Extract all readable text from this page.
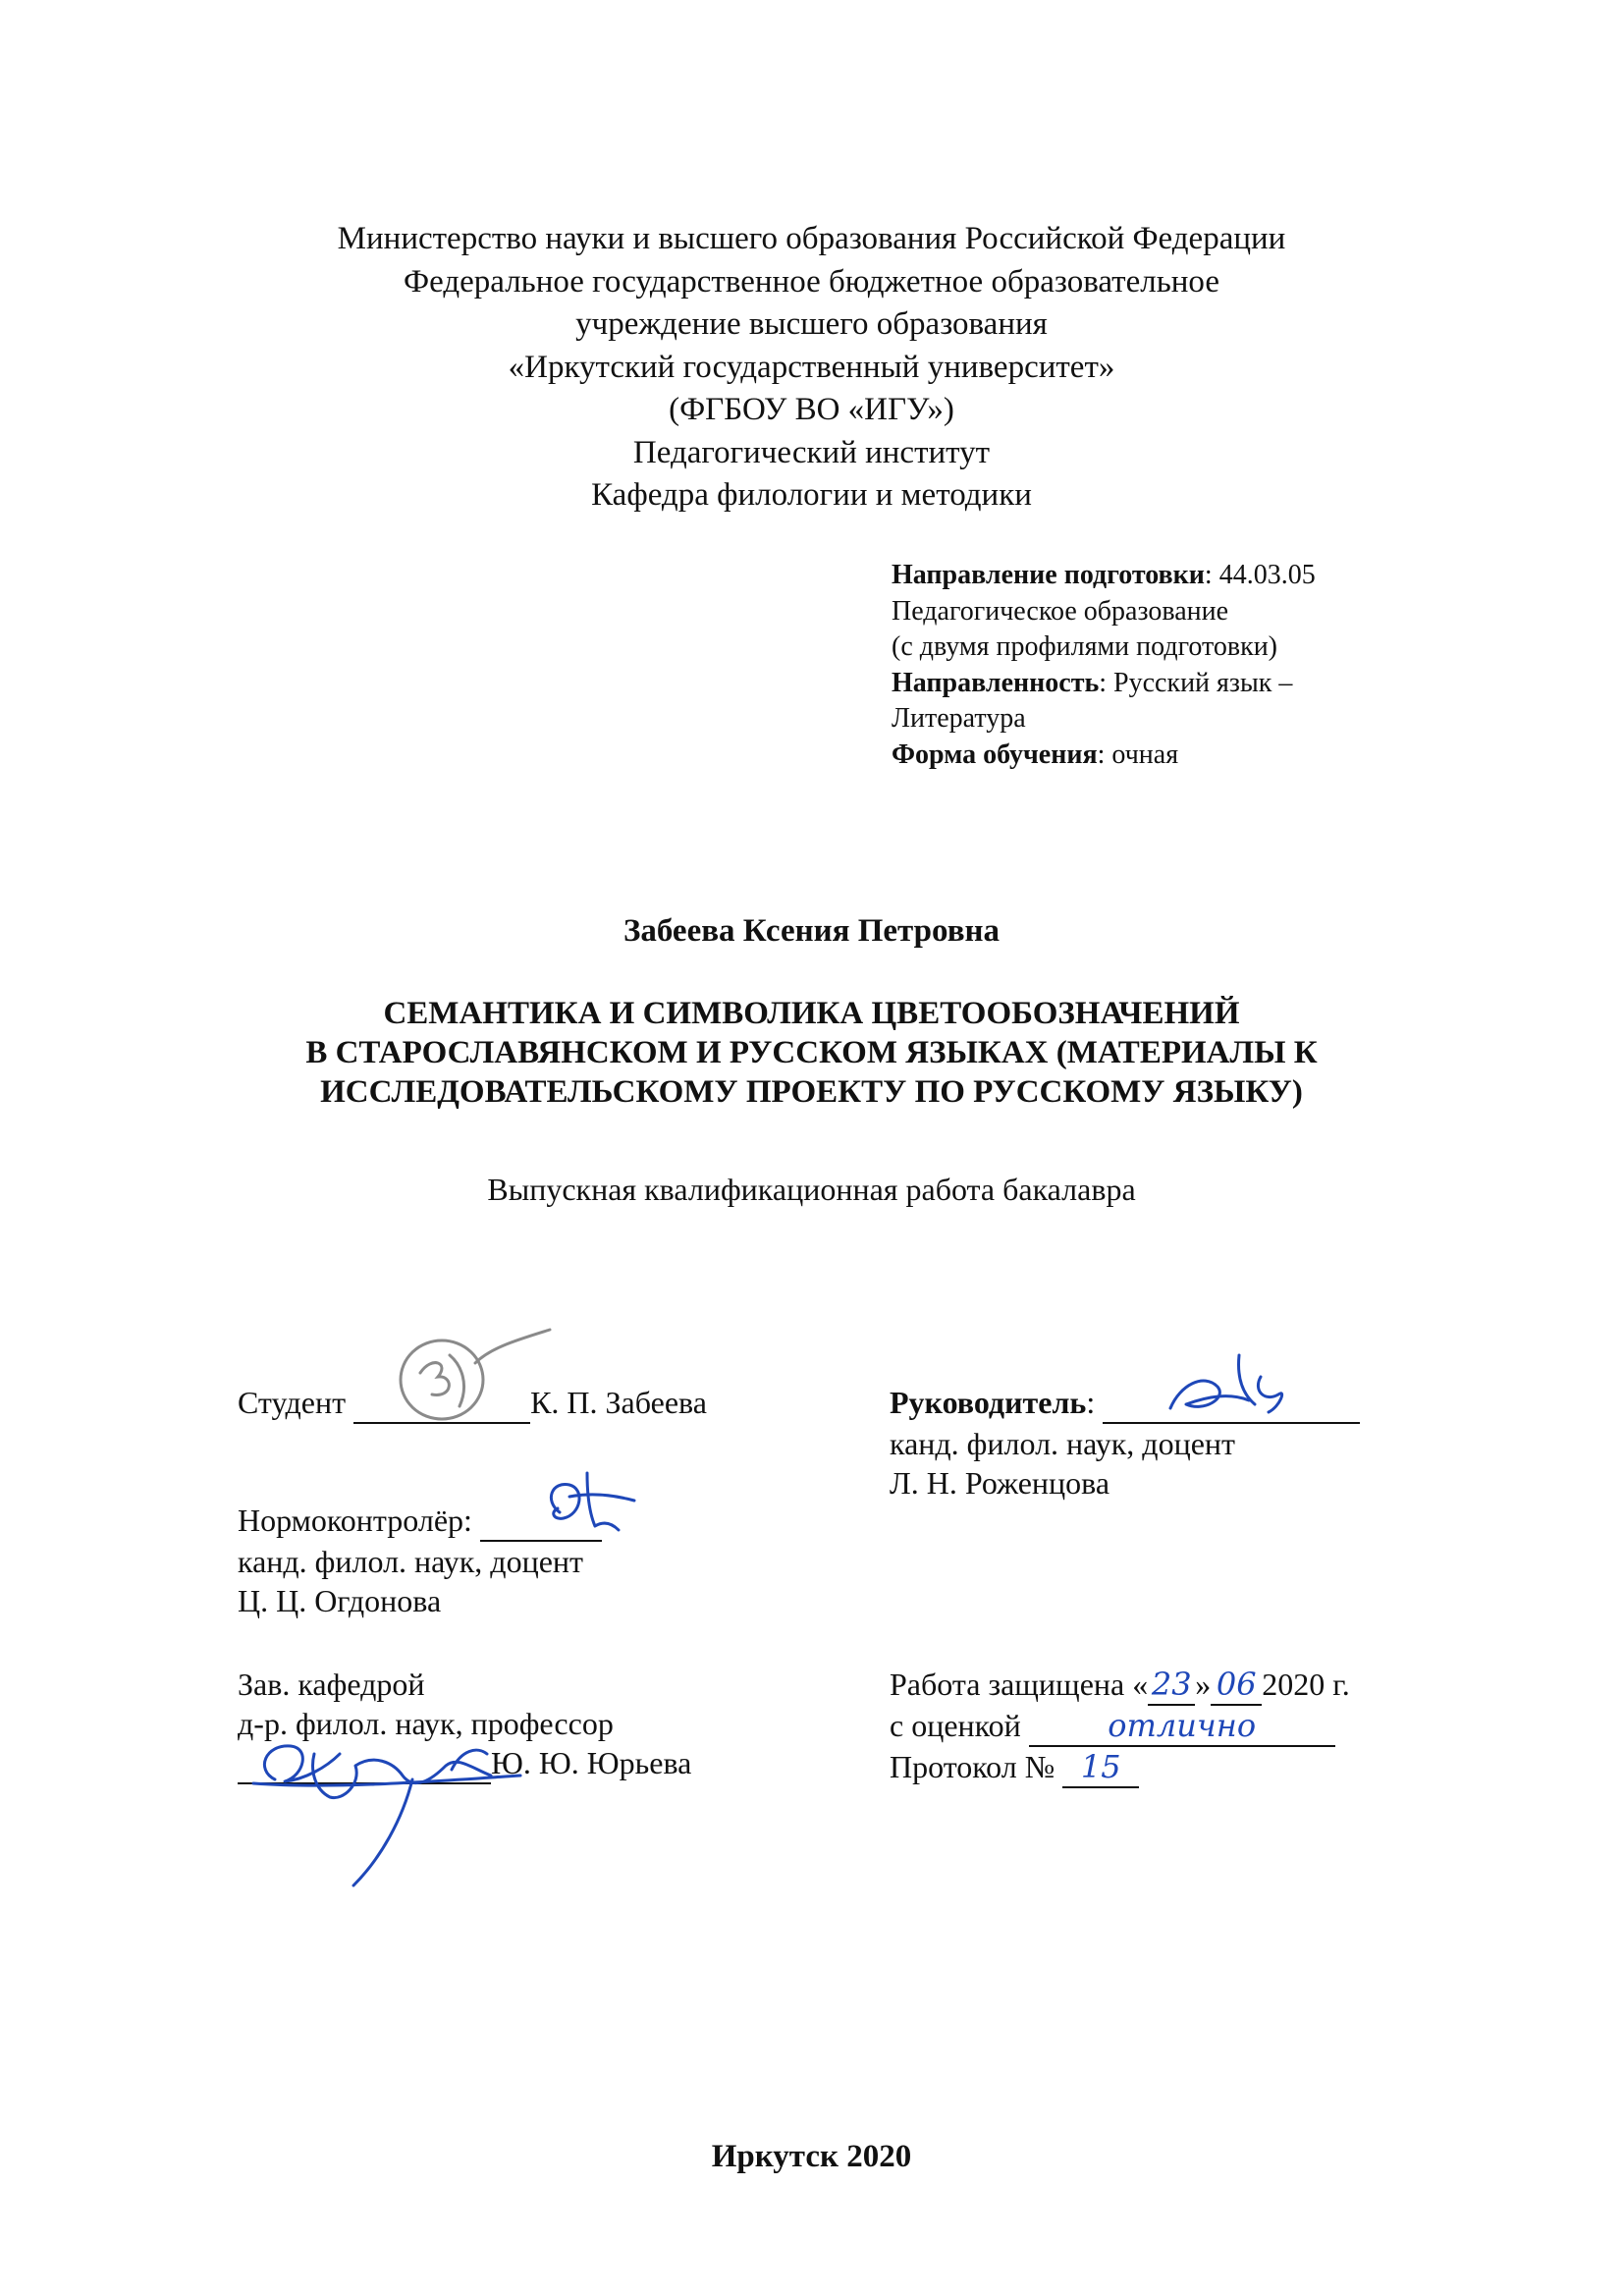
Министерство науки и высшего образования Российской Федерации
Федеральное государственное бюджетное образовательное
учреждение высшего образования
«Иркутский государственный университет»
(ФГБОУ ВО «ИГУ»)
Педагогический институт
Кафедра филологии и методики
Направление подготовки: 44.03.05
Педагогическое образование
(с двумя профилями подготовки)
Направленность: Русский язык –
Литература
Форма обучения: очная
Забеева Ксения Петровна
СЕМАНТИКА И СИМВОЛИКА ЦВЕТООБОЗНАЧЕНИЙ
В СТАРОСЛАВЯНСКОМ И РУССКОМ ЯЗЫКАХ (МАТЕРИАЛЫ К
ИССЛЕДОВАТЕЛЬСКОМУ ПРОЕКТУ ПО РУССКОМУ ЯЗЫКУ)
Выпускная квалификационная работа бакалавра
Студент	К. П. Забеева	Руководитель:
канд. филол. наук, доцент
Л. Н. Роженцова
Нормоконтролёр:
канд. филол. наук, доцент
Ц. Ц. Огдонова
Зав. кафедрой
д-р. филол. наук, профессор
Ю. Ю. Юрьева
Работа защищена « 23 » 06 2020 г.
с оценкой	отлично
Протокол № 15
Иркутск 2020
